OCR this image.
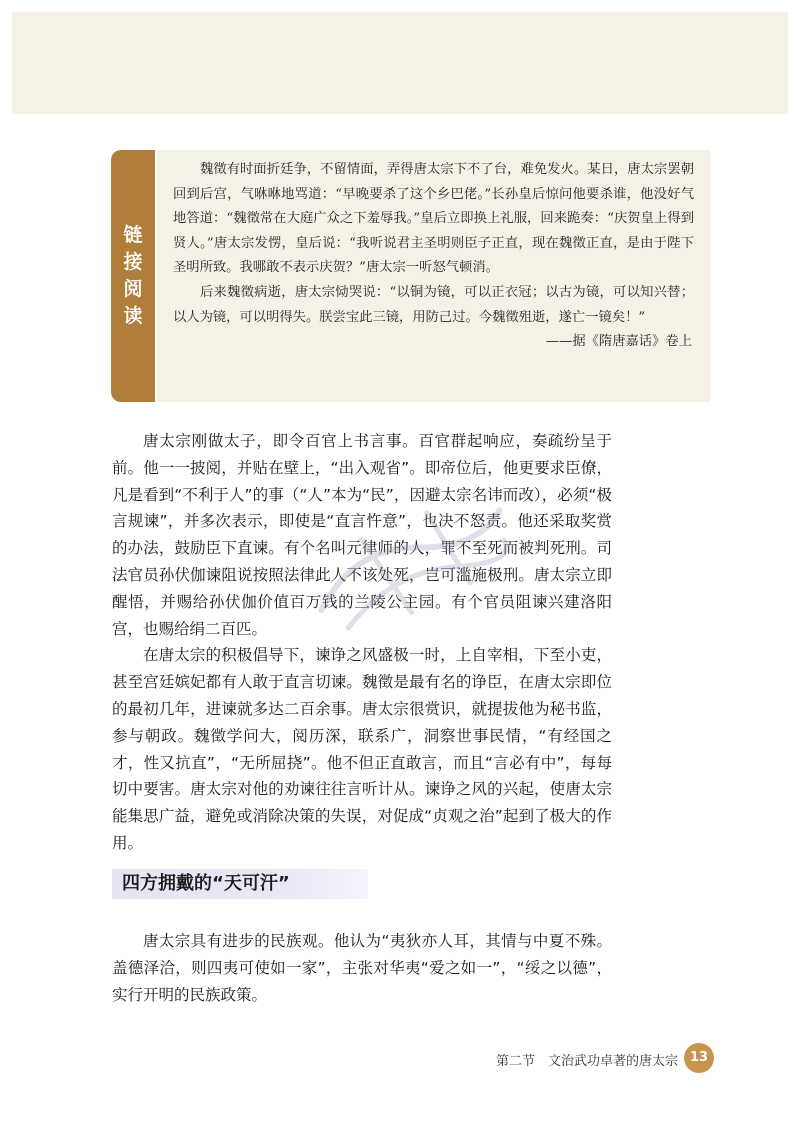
链
接
阅
读

魏徵有时面折廷争，不留情面，弄得唐太宗下不了台，难免发火。某日，唐太宗罢朝回到后宫，气咻咻地骂道：“早晚要杀了这个乡巴佬。”长孙皇后惊问他要杀谁，他没好气地答道：“魏徵常在大庭广众之下羞辱我。”皇后立即换上礼服，回来跪奏：“庆贺皇上得到贤人。”唐太宗发愣，皇后说：“我听说君主圣明则臣子正直，现在魏徵正直，是由于陛下圣明所致。我哪敢不表示庆贺？”唐太宗一听怒气顿消。

后来魏徵病逝，唐太宗恸哭说：“以铜为镜，可以正衣冠；以古为镜，可以知兴替；以人为镜，可以明得失。朕尝宝此三镜，用防己过。今魏徵殂逝，遂亡一镜矣！”

——据《隋唐嘉话》卷上

唐太宗刚做太子，即令百官上书言事。百官群起响应，奏疏纷呈于前。他一一披阅，并贴在壁上，“出入观省”。即帝位后，他更要求臣僚，凡是看到“不利于人”的事（“人”本为“民”，因避太宗名讳而改），必须“极言规谏”，并多次表示，即使是“直言忤意”，也决不怒责。他还采取奖赏的办法，鼓励臣下直谏。有个名叫元律师的人，罪不至死而被判死刑。司法官员孙伏伽谏阻说按照法律此人不该处死，岂可滥施极刑。唐太宗立即醒悟，并赐给孙伏伽价值百万钱的兰陵公主园。有个官员阻谏兴建洛阳宫，也赐给绢二百匹。

在唐太宗的积极倡导下，谏诤之风盛极一时，上自宰相，下至小吏，甚至宫廷嫔妃都有人敢于直言切谏。魏徵是最有名的诤臣，在唐太宗即位的最初几年，进谏就多达二百余事。唐太宗很赏识，就提拔他为秘书监，参与朝政。魏徵学问大，阅历深，联系广，洞察世事民情，“有经国之才，性又抗直”，“无所屈挠”。他不但正直敢言，而且“言必有中”，每每切中要害。唐太宗对他的劝谏往往言听计从。谏诤之风的兴起，使唐太宗能集思广益，避免或消除决策的失误，对促成“贞观之治”起到了极大的作用。

四方拥戴的“天可汗”

唐太宗具有进步的民族观。他认为“夷狄亦人耳，其情与中夏不殊。盖德泽洽，则四夷可使如一家”，主张对华夷“爱之如一”，“绥之以德”，实行开明的民族政策。

第二节　文治武功卓著的唐太宗 13
